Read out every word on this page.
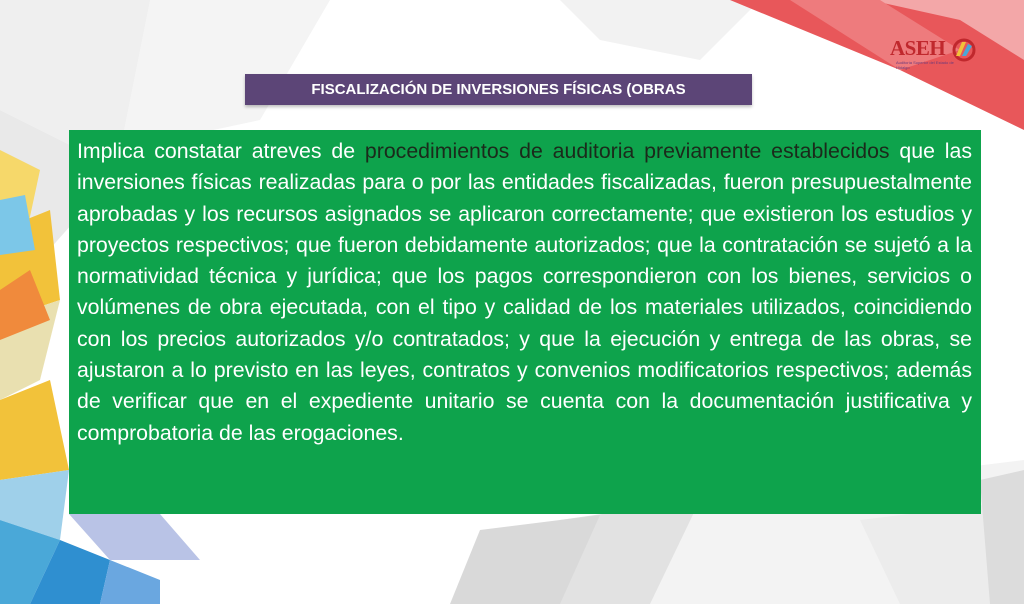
ASEH
Auditoría Superior del Estado de Hidalgo
FISCALIZACIÓN DE INVERSIONES FÍSICAS (OBRAS

Implica constatar atreves de procedimientos de auditoria previamente establecidos que las inversiones físicas realizadas para o por las entidades fiscalizadas, fueron presupuestalmente aprobadas y los recursos asignados se aplicaron correctamente; que existieron los estudios y proyectos respectivos; que fueron debidamente autorizados; que la contratación se sujetó a la normatividad técnica y jurídica; que los pagos correspondieron con los bienes, servicios o volúmenes de obra ejecutada, con el tipo y calidad de los materiales utilizados, coincidiendo con los precios autorizados y/o contratados; y que la ejecución y entrega de las obras, se ajustaron a lo previsto en las leyes, contratos y convenios modificatorios respectivos; además de verificar que en el expediente unitario se cuenta con la documentación justificativa y comprobatoria de las erogaciones.
